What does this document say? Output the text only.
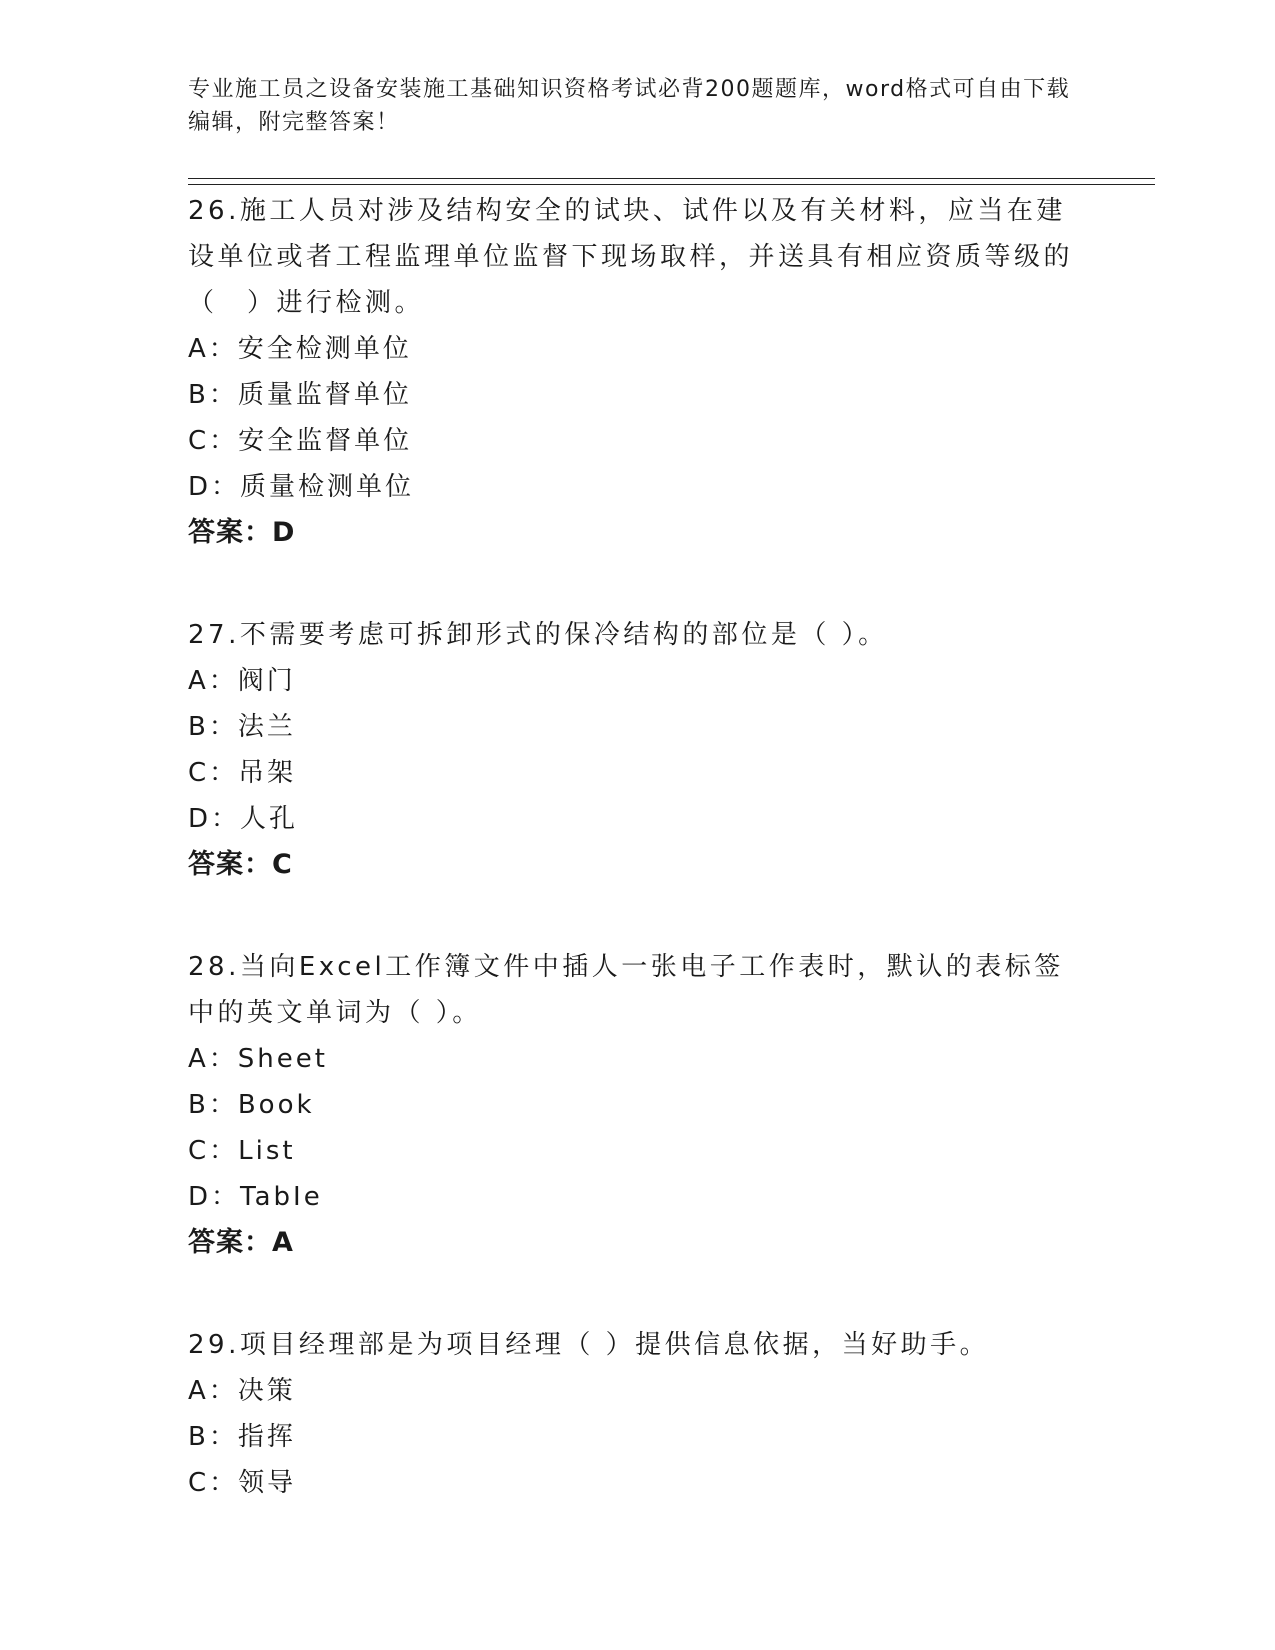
专业施工员之设备安装施工基础知识资格考试必背200题题库，word格式可自由下载编辑，附完整答案！
26.施工人员对涉及结构安全的试块、试件以及有关材料，应当在建设单位或者工程监理单位监督下现场取样，并送具有相应资质等级的（　）进行检测。
A：安全检测单位
B：质量监督单位
C：安全监督单位
D：质量检测单位
答案：D
27.不需要考虑可拆卸形式的保冷结构的部位是（ ）。
A：阀门
B：法兰
C：吊架
D：人孔
答案：C
28.当向Excel工作簿文件中插人一张电子工作表时，默认的表标签中的英文单词为（ ）。
A：Sheet
B：Book
C：List
D：TabIe
答案：A
29.项目经理部是为项目经理（ ）提供信息依据，当好助手。
A：决策
B：指挥
C：领导
